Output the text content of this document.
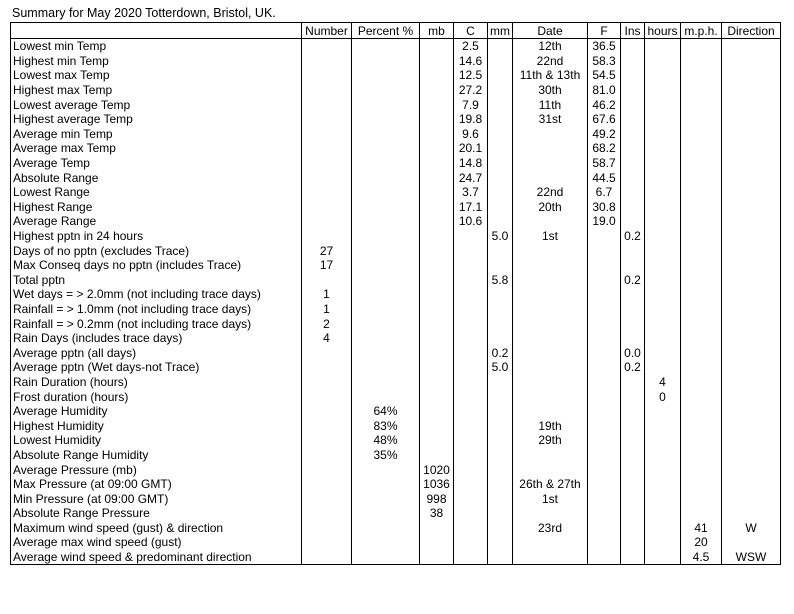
Summary for May 2020 Totterdown, Bristol, UK.
	Number	Percent %	mb	C	mm	Date	F	Ins	hours	m.p.h.	Direction
Lowest min Temp				2.5		12th	36.5				
Highest min Temp				14.6		22nd	58.3				
Lowest max Temp				12.5		11th & 13th	54.5				
Highest max Temp				27.2		30th	81.0				
Lowest average Temp				7.9		11th	46.2				
Highest average Temp				19.8		31st	67.6				
Average min Temp				9.6			49.2				
Average max Temp				20.1			68.2				
Average Temp				14.8			58.7				
Absolute Range				24.7			44.5				
Lowest Range				3.7		22nd	6.7				
Highest Range				17.1		20th	30.8				
Average Range				10.6			19.0				
Highest pptn in 24 hours					5.0	1st		0.2			
Days of no pptn (excludes Trace)	27										
Max Conseq days no pptn (includes Trace)	17										
Total pptn					5.8			0.2			
Wet days = > 2.0mm (not including trace days)	1										
Rainfall = > 1.0mm (not including trace days)	1										
Rainfall = > 0.2mm (not including trace days)	2										
Rain Days (includes trace days)	4										
Average pptn (all days)					0.2			0.0			
Average pptn (Wet days-not Trace)					5.0			0.2			
Rain Duration (hours)									4		
Frost duration (hours)									0		
Average Humidity		64%									
Highest Humidity		83%				19th					
Lowest Humidity		48%				29th					
Absolute Range Humidity		35%									
Average Pressure (mb)			1020								
Max Pressure (at 09:00 GMT)			1036			26th & 27th					
Min Pressure (at 09:00 GMT)			998			1st					
Absolute Range Pressure			38								
Maximum wind speed (gust) & direction						23rd				41	W
Average max wind speed (gust)										20	
Average wind speed & predominant direction										4.5	WSW
